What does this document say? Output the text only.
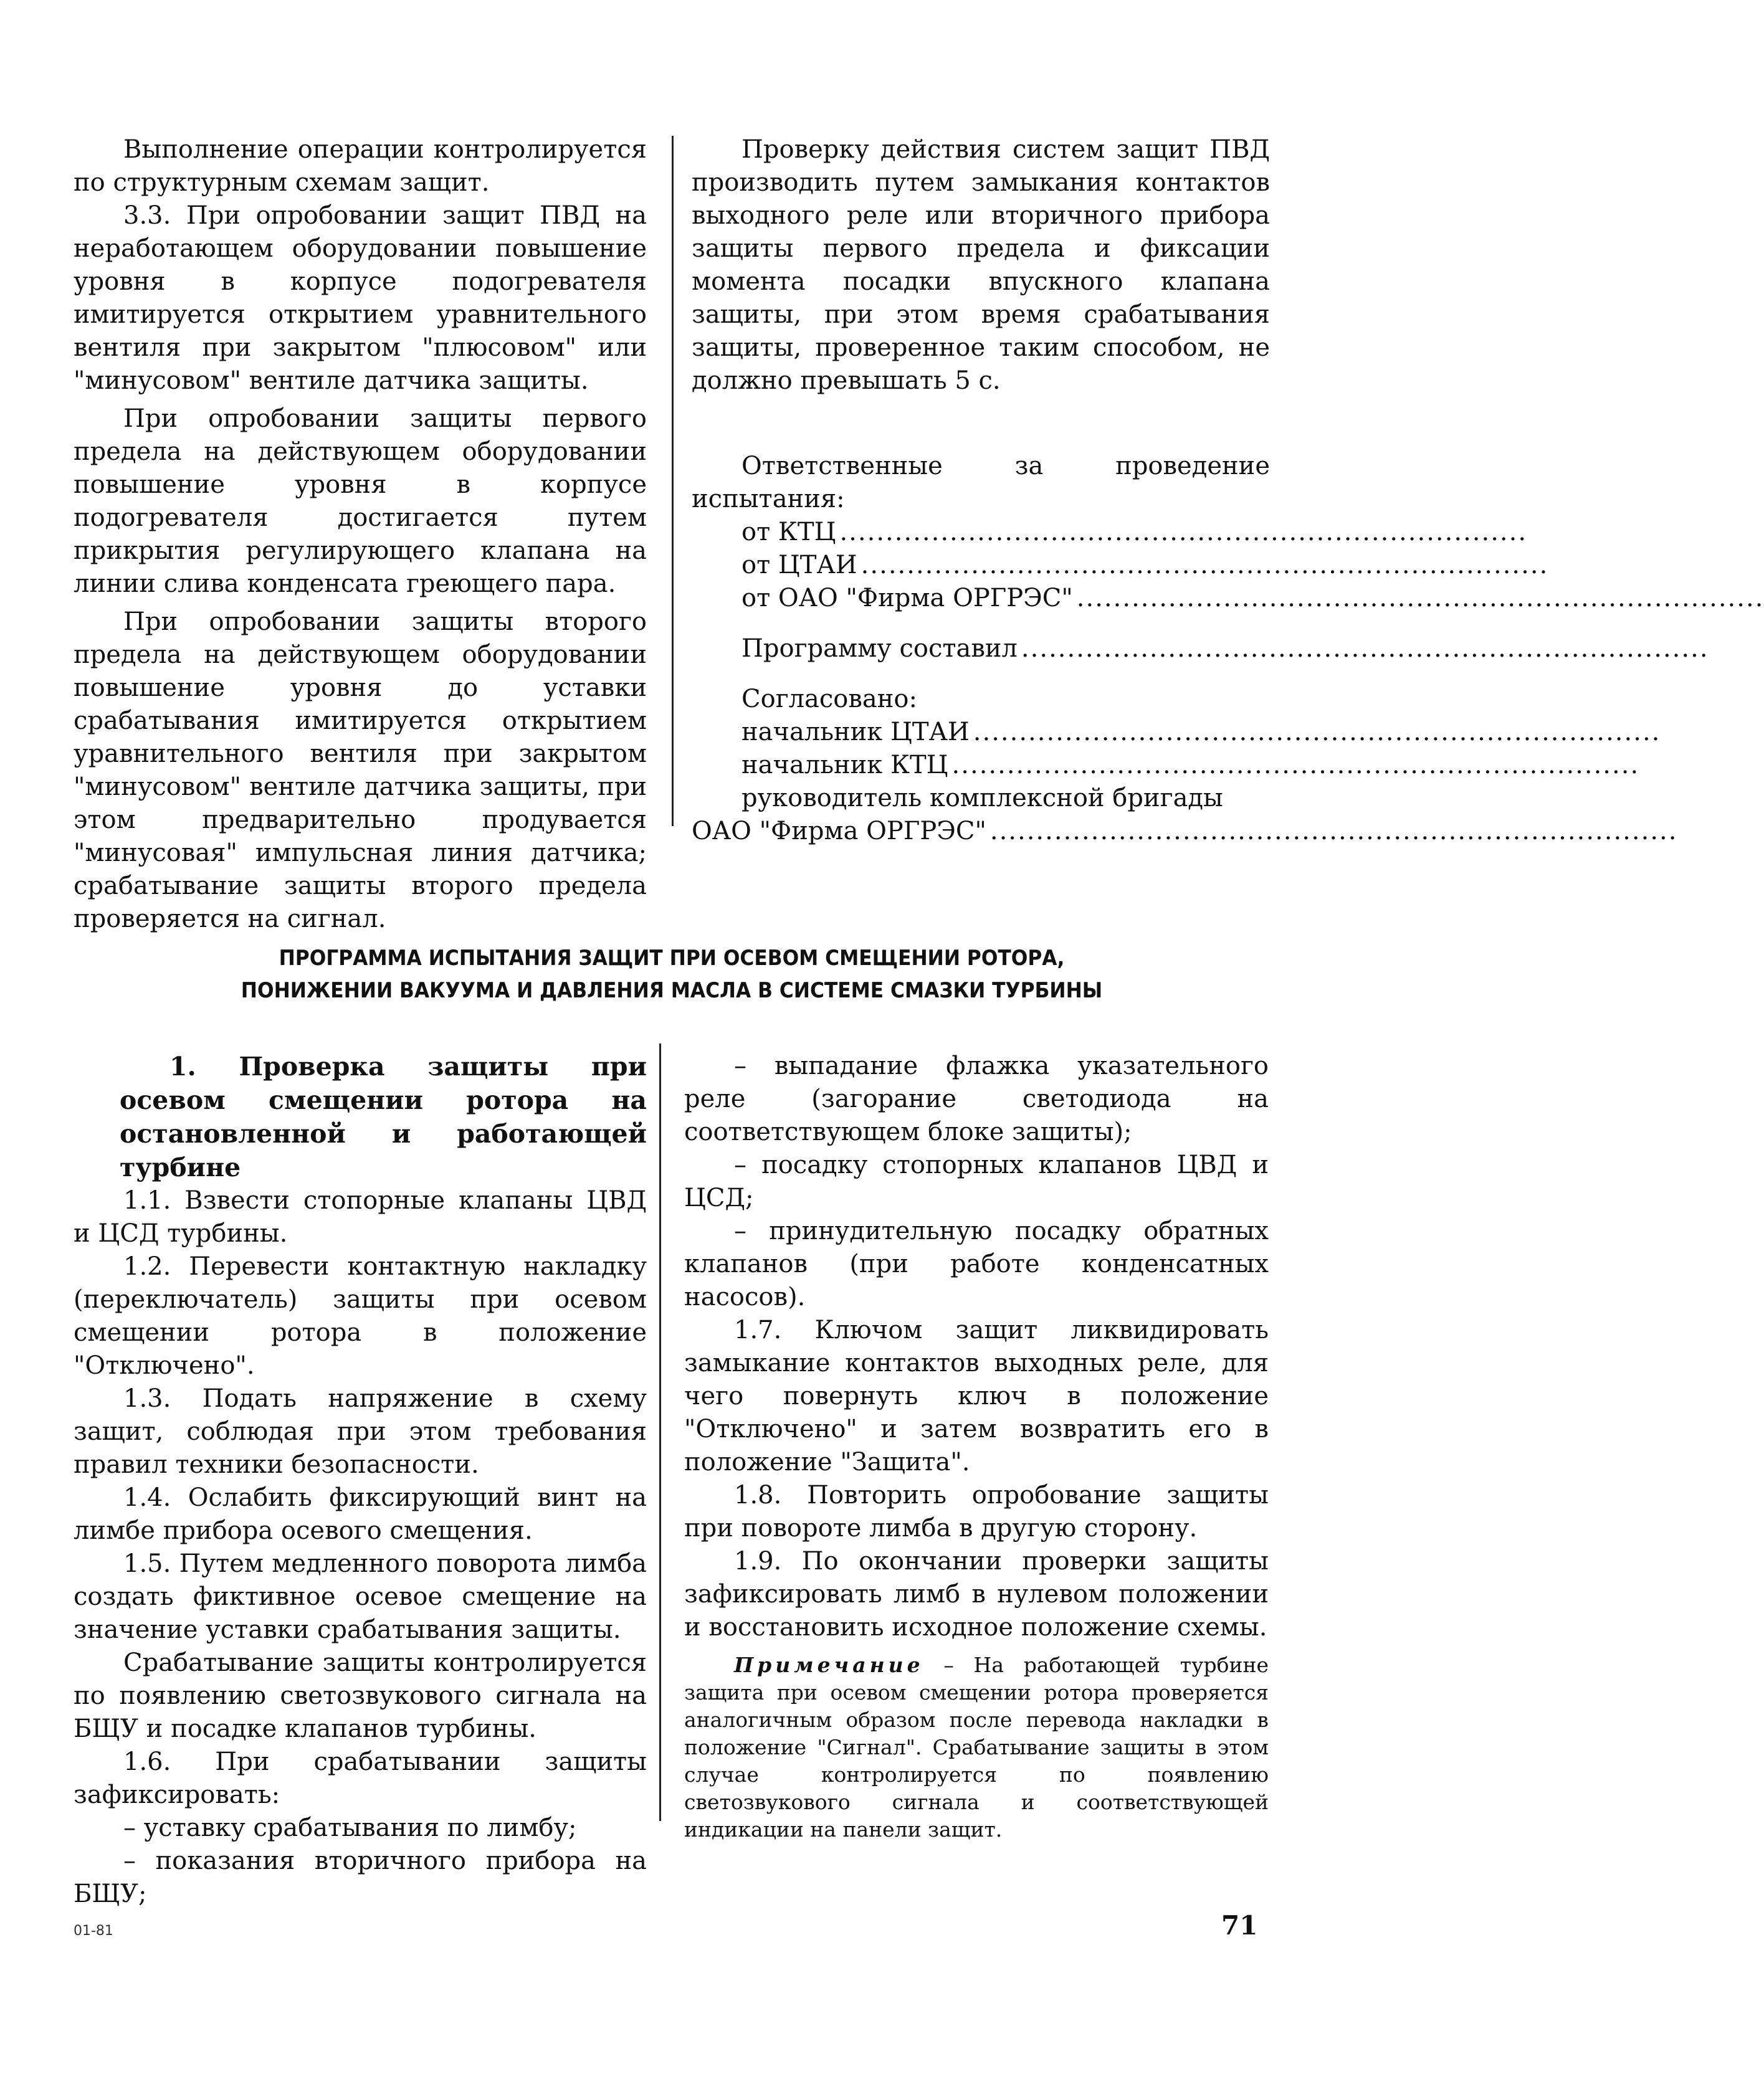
Выполнение операции контролируется по структурным схемам защит.

3.3. При опробовании защит ПВД на неработающем оборудовании повышение уровня в корпусе подогревателя имитируется открытием уравнительного вентиля при закрытом "плюсовом" или "минусовом" вентиле датчика защиты.

При опробовании защиты первого предела на действующем оборудовании повышение уровня в корпусе подогревателя достигается путем прикрытия регулирующего клапана на линии слива конденсата греющего пара.

При опробовании защиты второго предела на действующем оборудовании повышение уровня до уставки срабатывания имитируется открытием уравнительного вентиля при закрытом "минусовом" вентиле датчика защиты, при этом предварительно продувается "минусовая" импульсная линия датчика; срабатывание защиты второго предела проверяется на сигнал.

Проверку действия систем защит ПВД производить путем замыкания контактов выходного реле или вторичного прибора защиты первого предела и фиксации момента посадки впускного клапана защиты, при этом время срабатывания защиты, проверенное таким способом, не должно превышать 5 с.

Ответственные за проведение испытания:

от КТЦ ...........................................................................
от ЦТАИ ...........................................................................
от ОАО "Фирма ОРГРЭС" ...........................................................................
Программу составил ...........................................................................
Согласовано:
начальник ЦТАИ ...........................................................................
начальник КТЦ ...........................................................................
руководитель комплексной бригады
ОАО "Фирма ОРГРЭС" ...........................................................................
ПРОГРАММА ИСПЫТАНИЯ ЗАЩИТ ПРИ ОСЕВОМ СМЕЩЕНИИ РОТОРА,
ПОНИЖЕНИИ ВАКУУМА И ДАВЛЕНИЯ МАСЛА В СИСТЕМЕ СМАЗКИ ТУРБИНЫ

1. Проверка защиты при осевом смещении ротора на остановленной и работающей турбине

1.1. Взвести стопорные клапаны ЦВД и ЦСД турбины.

1.2. Перевести контактную накладку (переключатель) защиты при осевом смещении ротора в положение "Отключено".

1.3. Подать напряжение в схему защит, соблюдая при этом требования правил техники безопасности.

1.4. Ослабить фиксирующий винт на лимбе прибора осевого смещения.

1.5. Путем медленного поворота лимба создать фиктивное осевое смещение на значение уставки срабатывания защиты.

Срабатывание защиты контролируется по появлению светозвукового сигнала на БЩУ и посадке клапанов турбины.

1.6. При срабатывании защиты зафиксировать:

– уставку срабатывания по лимбу;

– показания вторичного прибора на БЩУ;

– выпадание флажка указательного реле (загорание светодиода на соответствующем блоке защиты);

– посадку стопорных клапанов ЦВД и ЦСД;

– принудительную посадку обратных клапанов (при работе конденсатных насосов).

1.7. Ключом защит ликвидировать замыкание контактов выходных реле, для чего повернуть ключ в положение "Отключено" и затем возвратить его в положение "Защита".

1.8. Повторить опробование защиты при повороте лимба в другую сторону.

1.9. По окончании проверки защиты зафиксировать лимб в нулевом положении и восстановить исходное положение схемы.

Примечание – На работающей турбине защита при осевом смещении ротора проверяется аналогичным образом после перевода накладки в положение "Сигнал". Срабатывание защиты в этом случае контролируется по появлению светозвукового сигнала и соответствующей индикации на панели защит.
01-81	71
